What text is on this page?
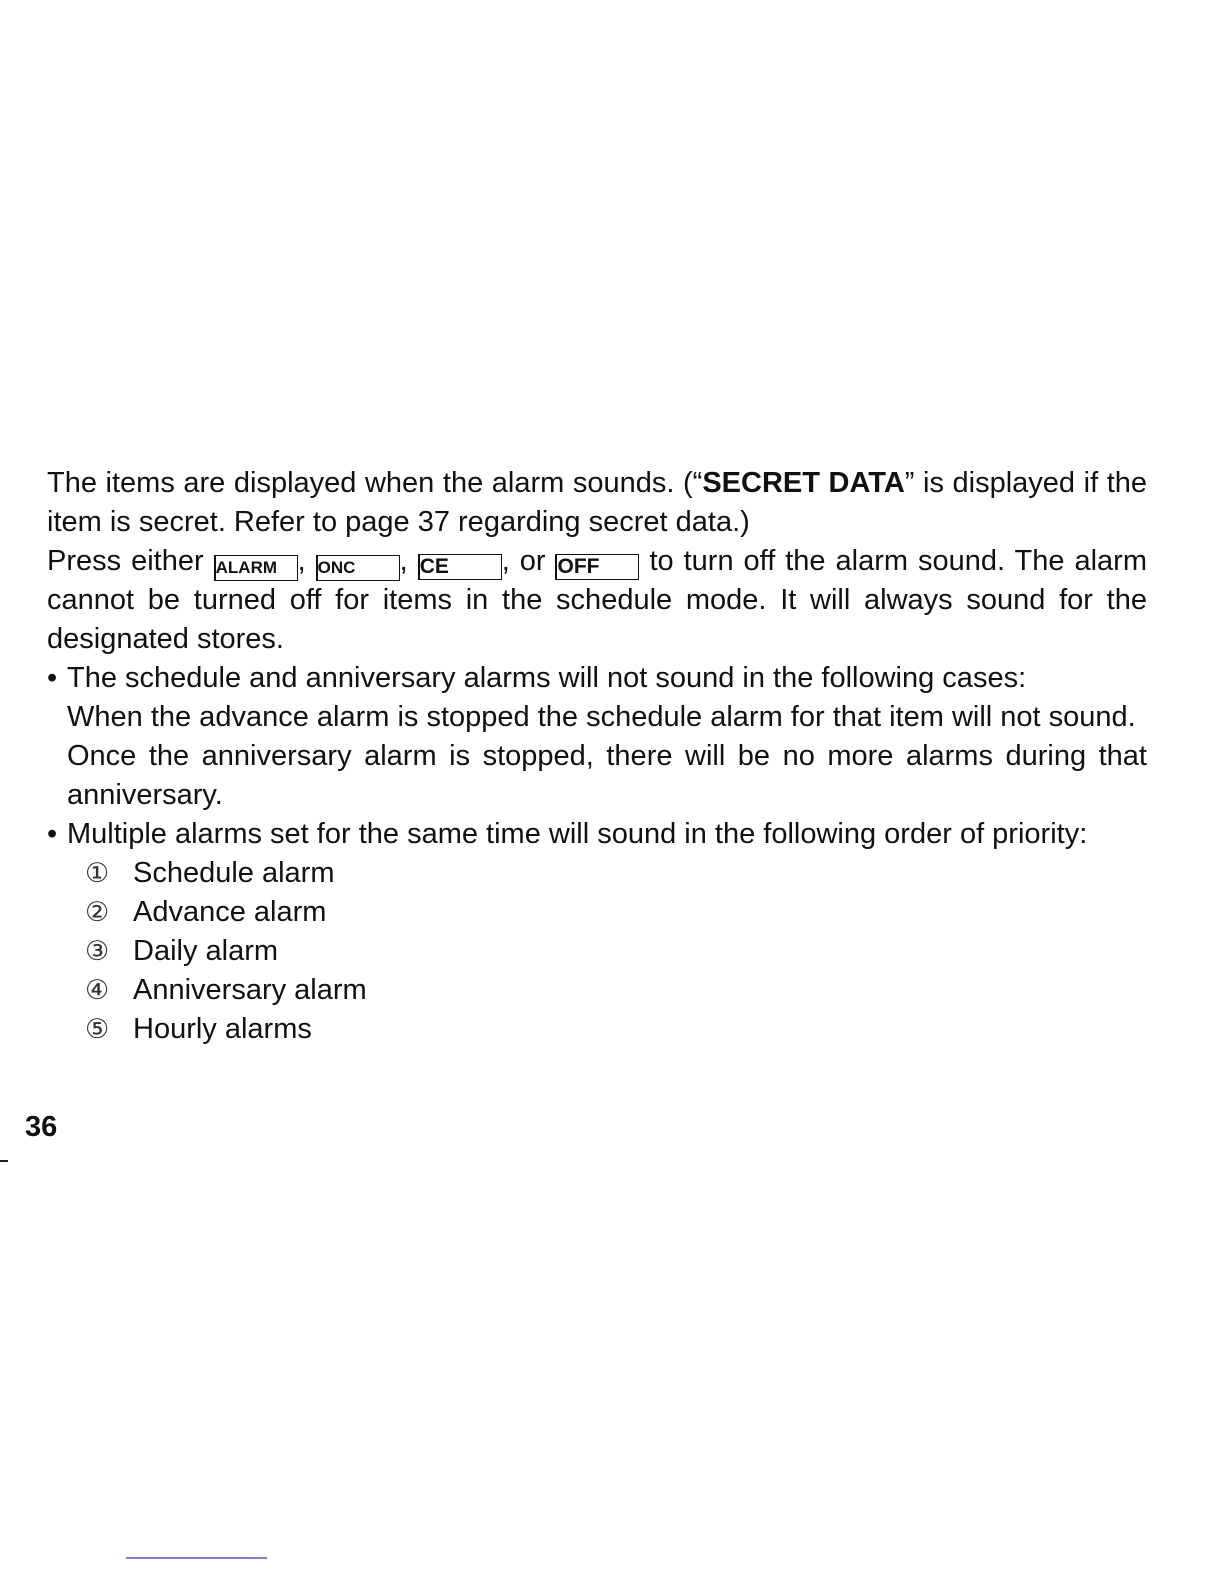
The items are displayed when the alarm sounds. (“SECRET DATA” is displayed if the item is secret. Refer to page 37 regarding secret data.)

Press either ALARM , ONC , CE , or OFF to turn off the alarm sound. The alarm cannot be turned off for items in the schedule mode. It will always sound for the designated stores.

• The schedule and anniversary alarms will not sound in the following cases:

When the advance alarm is stopped the schedule alarm for that item will not sound.

Once the anniversary alarm is stopped, there will be no more alarms during that anniversary.

• Multiple alarms set for the same time will sound in the following order of priority:

① Schedule alarm
② Advance alarm
③ Daily alarm
④ Anniversary alarm
⑤ Hourly alarms
36
